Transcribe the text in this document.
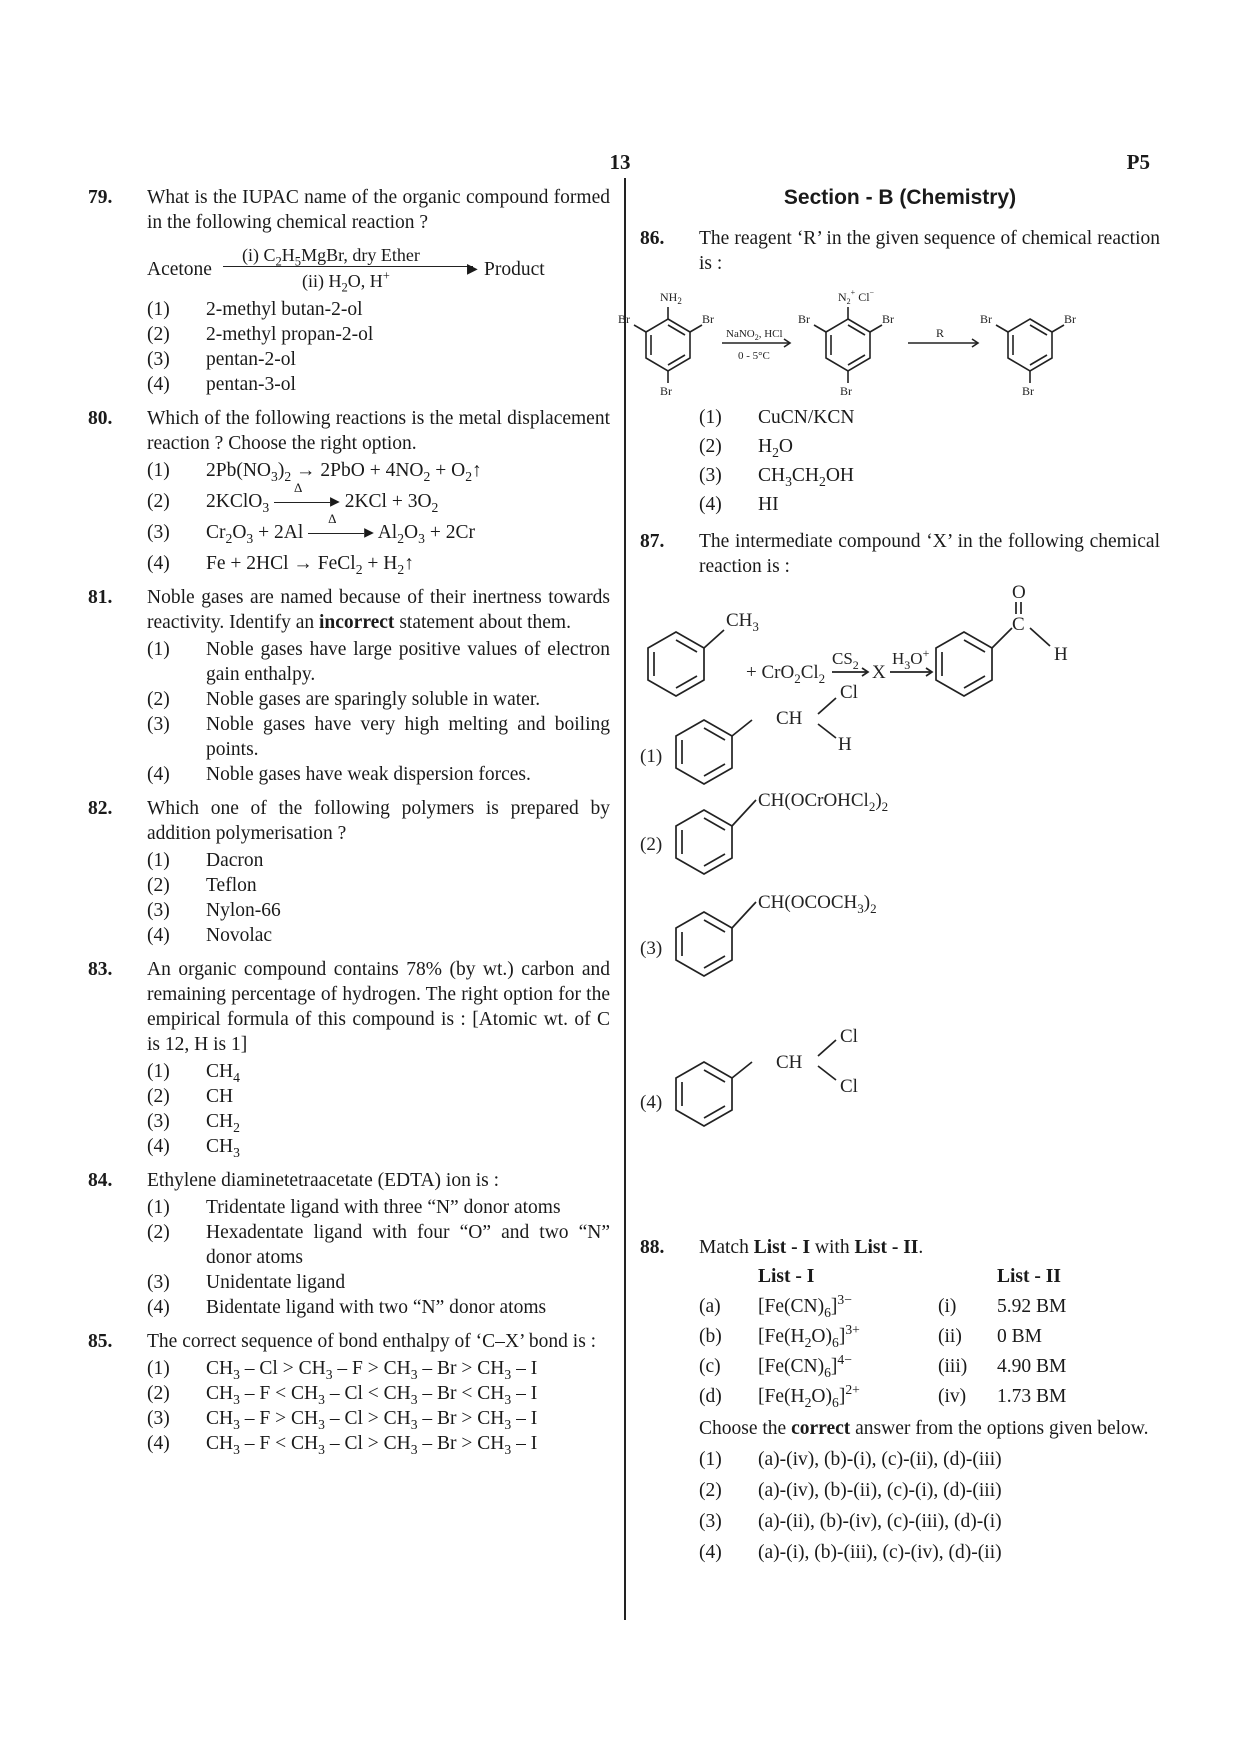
13	P5
79. What is the IUPAC name of the organic compound formed in the following chemical reaction ?
Acetone
(i) $C_2H_5MgBr$, dry Ether
▶
(ii) $H_2O$, H+	Product
(1) 2-methyl butan-2-ol
(2) 2-methyl propan-2-ol
(3) pentan-2-ol
(4) pentan-3-ol
80. Which of the following reactions is the metal displacement reaction ? Choose the right option.
(1) $2Pb(NO_3)_2 \to 2PbO + 4NO_2$ + $O_2↑$
(2) 2KClO$_3$
Δ
▸ $2KCl + 3O_2$
(3) $Cr_2O_3 + 2Al$
Δ
▸ $Al_2O_3 + 2Cr$
(4) Fe + 2HCl → FeCl$_2$ + $H_2↑$
81. Noble gases are named because of their inertness towards reactivity. Identify an incorrect statement about them.
(1) Noble gases have large positive values of electron gain enthalpy.
(2) Noble gases are sparingly soluble in water.
(3) Noble gases have very high melting and boiling points.
(4) Noble gases have weak dispersion forces.
82. Which one of the following polymers is prepared by addition polymerisation ?
(1) Dacron
(2) Teflon
(3) Nylon-66
(4) Novolac
83. An organic compound contains 78% (by wt.) carbon and remaining percentage of hydrogen. The right option for the empirical formula of this compound is : [Atomic wt. of C is 12, H is 1]
(1) $CH_4$
(2) CH
(3) $CH_2$
(4) $CH_3$
84. Ethylene diaminetetraacetate (EDTA) ion is :
(1) Tridentate ligand with three “N” donor atoms
(2) Hexadentate ligand with four “O” and two “N” donor atoms
(3) Unidentate ligand
(4) Bidentate ligand with two “N” donor atoms
85. The correct sequence of bond enthalpy of ‘C–X’ bond is :
(1) $CH_3 - Cl > CH_3 - F > CH_3 - Br > CH_3 - I$
(2) $CH_3 - F < CH_3 - Cl < CH_3 - Br < CH_3 - I$
(3) $CH_3 - F > CH_3 - Cl > CH_3 - Br > CH_3 - I$
(4) $CH_3 - F < CH_3 - Cl > CH_3 - Br > CH_3 - I$
Section - B (Chemistry)
86. The reagent ‘R’ in the given sequence of chemical reaction is :
$NH_2$
Br	Br
Br
NaNO$_2$, HCl
0 - 5°C
$N_2^+$ Cl−
Br	Br
Br
R
Br	Br
Br
(1) CuCN/KCN
(2) $H_2O$
(3) $CH_3CH_2OH$
(4) HI
87. The intermediate compound ‘X’ in the following chemical reaction is :
$CH_3$
+ $CrO_2Cl_2$
$CS_2$ X
$H_3O^+$
O
C
H
(1)
CH
Cl
H
(2)
$CH(OCrOHCl_2)_2$
(3)
$CH(OCOCH_3)_2$
(4)
CH
Cl
Cl
88. Match List - I with List - II.
	List - I		List - II
(a)	$[Fe(CN)_6]^{3-}$	(i)	5.92 BM
(b)	$[Fe(H_2O)_6]^{3+}$	(ii)	0 BM
(c)	$[Fe(CN)_6]^{4-}$	(iii)	4.90 BM
(d)	$[Fe(H_2O)_6]^{2+}$	(iv)	1.73 BM
Choose the correct answer from the options given below.
(1) (a)-(iv), (b)-(i), (c)-(ii), (d)-(iii)
(2) (a)-(iv), (b)-(ii), (c)-(i), (d)-(iii)
(3) (a)-(ii), (b)-(iv), (c)-(iii), (d)-(i)
(4) (a)-(i), (b)-(iii), (c)-(iv), (d)-(ii)
